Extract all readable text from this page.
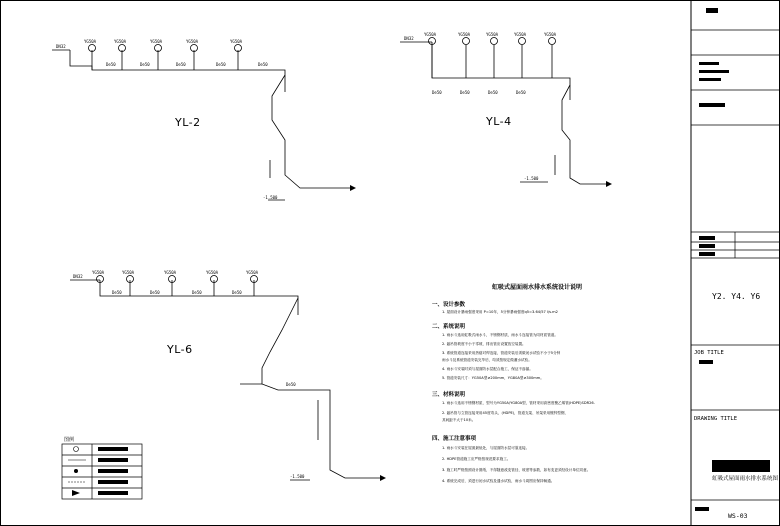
YL-2	YL-4
YL-6
YG50A	YG50A	YG50A	YG50A	YG50A
DN32
De50	De50	De50	De50	De50
-1.500
YG50A	YG50A	YG50A	YG50A	YG50A
DN32
De50	De50	De50	De50
-1.500
YG50A	YG50A	YG50A	YG50A	YG50A
DN32
De50	De50	De50	De50
De50
-1.500
图例
虹吸式屋面雨水排水系统设计说明
一、设计参数
1. 屋面设计暴雨强度采用 P=10年，5分钟暴雨强度q5=3.64/57 l/s.m2
二、系统说明
1. 雨水斗选用虹吸式雨水斗，不锈钢材质，雨水斗连接管为同材质管道。
2. 悬吊管坡度不小于零坡，排出管应设置放空装置。
3. 系统管道连接采用热熔对焊连接，管道安装后须做闭水试验不小于5分钟
雨水斗及系统管道安装完毕后，均须按规定做灌水试验。
4. 雨水斗安装时须与屋面防水层配合施工，保证不渗漏。
5. 管道安装尺寸：YG50A型≥200mm，YG80A型≥300mm。
三、材料说明
1. 雨水斗选用不锈钢材质，型号为YG50A/YG80A型，管材采用高密度聚乙烯管(HDPE)SDR26.
2. 悬吊管与立管连接采用45度弯头，(HDPE)，管道支架、吊架采用镀锌型钢，
其间距不大于10米。
四、施工注意事项
1. 雨水斗安装在屋面最低处，与屋面防水层可靠连接。
2. HDPE管道施工应严格按规范要求施工。
3. 施工时严格按照设计图纸，不得随意改变管径、坡度等参数，如有变更须经设计单位同意。
4. 系统完成后，须进行闭水试验及通水试验，雨水斗周围应保持畅通。
Y2. Y4. Y6
JOB TITLE
DRAWING TITLE
虹吸式屋面雨水排水系统图
WS-03
